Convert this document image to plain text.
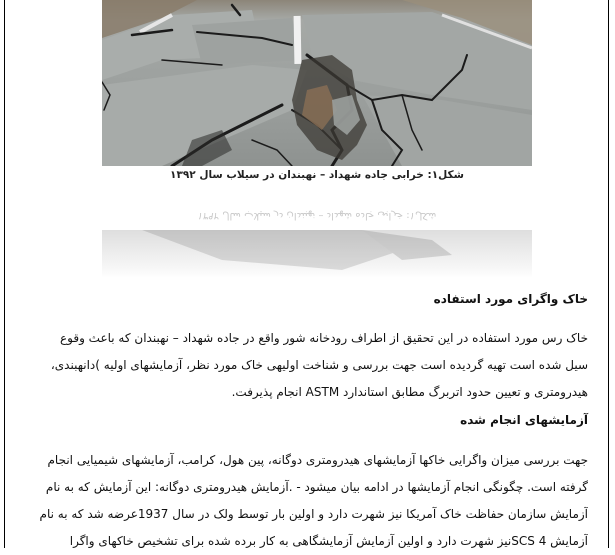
شکل۱: خرابی جاده شهداد – نهبندان در سیلاب سال ۱۳۹۲
شکل۱: خرابی جاده شهداد – نهبندان در سیلاب سال ۱۳۹۲
خاک واگرای مورد استفاده
خاک رس مورد استفاده در این تحقیق از اطراف رودخانه شور واقع در جاده شهداد – نهبندان که باعث وقوع
سیل شده است تهیه گردیده است جهت بررسی و شناخت اولیهی خاک مورد نظر، آزمایشهای اولیه )دانهبندی،
هیدرومتری و تعیین حدود اتربرگ مطابق استاندارد ASTM انجام پذیرفت.
آزمایشهای انجام شده
جهت بررسی میزان واگرایی خاکها آزمایشهای هیدرومتری دوگانه، پین هول، کرامب، آزمایشهای شیمیایی انجام
گرفته است. چگونگی انجام آزمایشها در ادامه بیان میشود - .آزمایش هیدرومتری دوگانه: این آزمایش که به نام
آزمایش سازمان حفاظت خاک آمریکا نیز شهرت دارد و اولین بار توسط ولک در سال 1937عرضه شد که به نام
آزمایش SCS 4نیز شهرت دارد و اولین آزمایش آزمایشگاهی به کار برده شده برای تشخیص خاکهای واگرا
